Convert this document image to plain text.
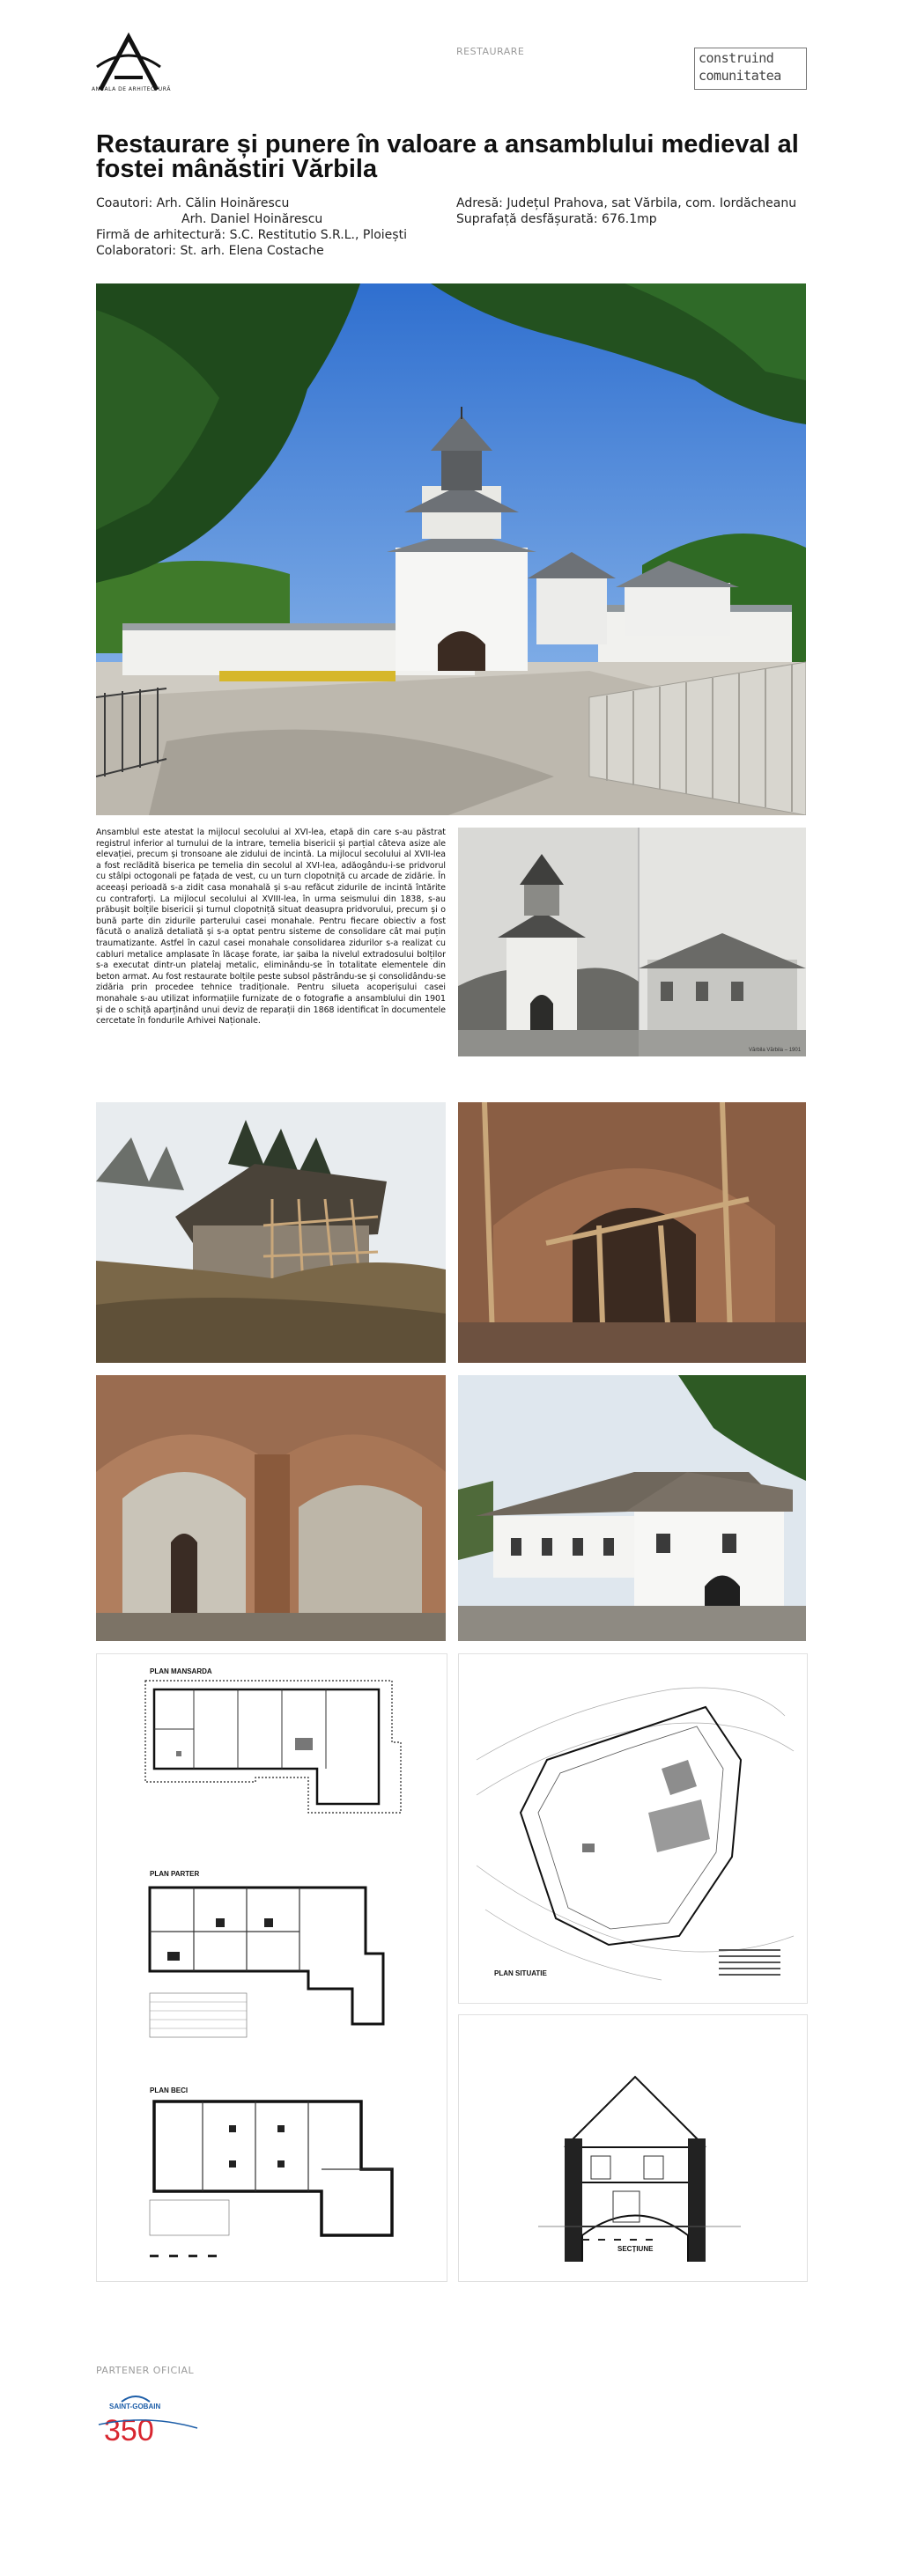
ANUALA DE ARHITECTURĂ
RESTAURARE	construind
comunitatea
Restaurare și punere în valoare a ansamblului medieval al fostei mânăstiri Vărbila
Coautori: Arh. Călin Hoinărescu
Arh. Daniel Hoinărescu
Firmă de arhitectură: S.C. Restitutio S.R.L., Ploiești
Colaboratori: St. arh. Elena Costache
Adresă: Județul Prahova, sat Vărbila, com. Iordăcheanu
Suprafață desfășurată: 676.1mp
Ansamblul este atestat la mijlocul secolului al XVI-lea, etapă din care s-au păstrat registrul inferior al turnului de la intrare, temelia bisericii și parțial câteva asize ale elevației, precum și tronsoane ale zidului de incintă. La mijlocul secolului al XVII-lea a fost reclădită biserica pe temelia din secolul al XVI-lea, adăogându-i-se pridvorul cu stâlpi octogonali pe fațada de vest, cu un turn clopotniță cu arcade de zidărie. În aceeași perioadă s-a zidit casa monahală și s-au refăcut zidurile de incintă întărite cu contraforți. La mijlocul secolului al XVIII-lea, în urma seismului din 1838, s-au prăbușit bolțile bisericii și turnul clopotniță situat deasupra pridvorului, precum și o bună parte din zidurile parterului casei monahale. Pentru fiecare obiectiv a fost făcută o analiză detaliată și s-a optat pentru sisteme de consolidare cât mai puțin traumatizante. Astfel în cazul casei monahale consolidarea zidurilor s-a realizat cu cabluri metalice amplasate în lăcașe forate, iar șaiba la nivelul extradosului bolților s-a executat dintr-un platelaj metalic, eliminându-se în totalitate elementele din beton armat. Au fost restaurate bolțile peste subsol păstrându-se și consolidându-se zidăria prin procedee tehnice tradiționale. Pentru silueta acoperișului casei monahale s-au utilizat informațiile furnizate de o fotografie a ansamblului din 1901 și de o schiță aparținând unui deviz de reparații din 1868 identificat în documentele cercetate în fondurile Arhivei Naționale.
Vărbila Vărbila – 1901
PLAN MANSARDA
PLAN PARTER
PLAN BECI
PLAN SITUATIE
SECȚIUNE
PARTENER OFICIAL
SAINT-GOBAIN
350
